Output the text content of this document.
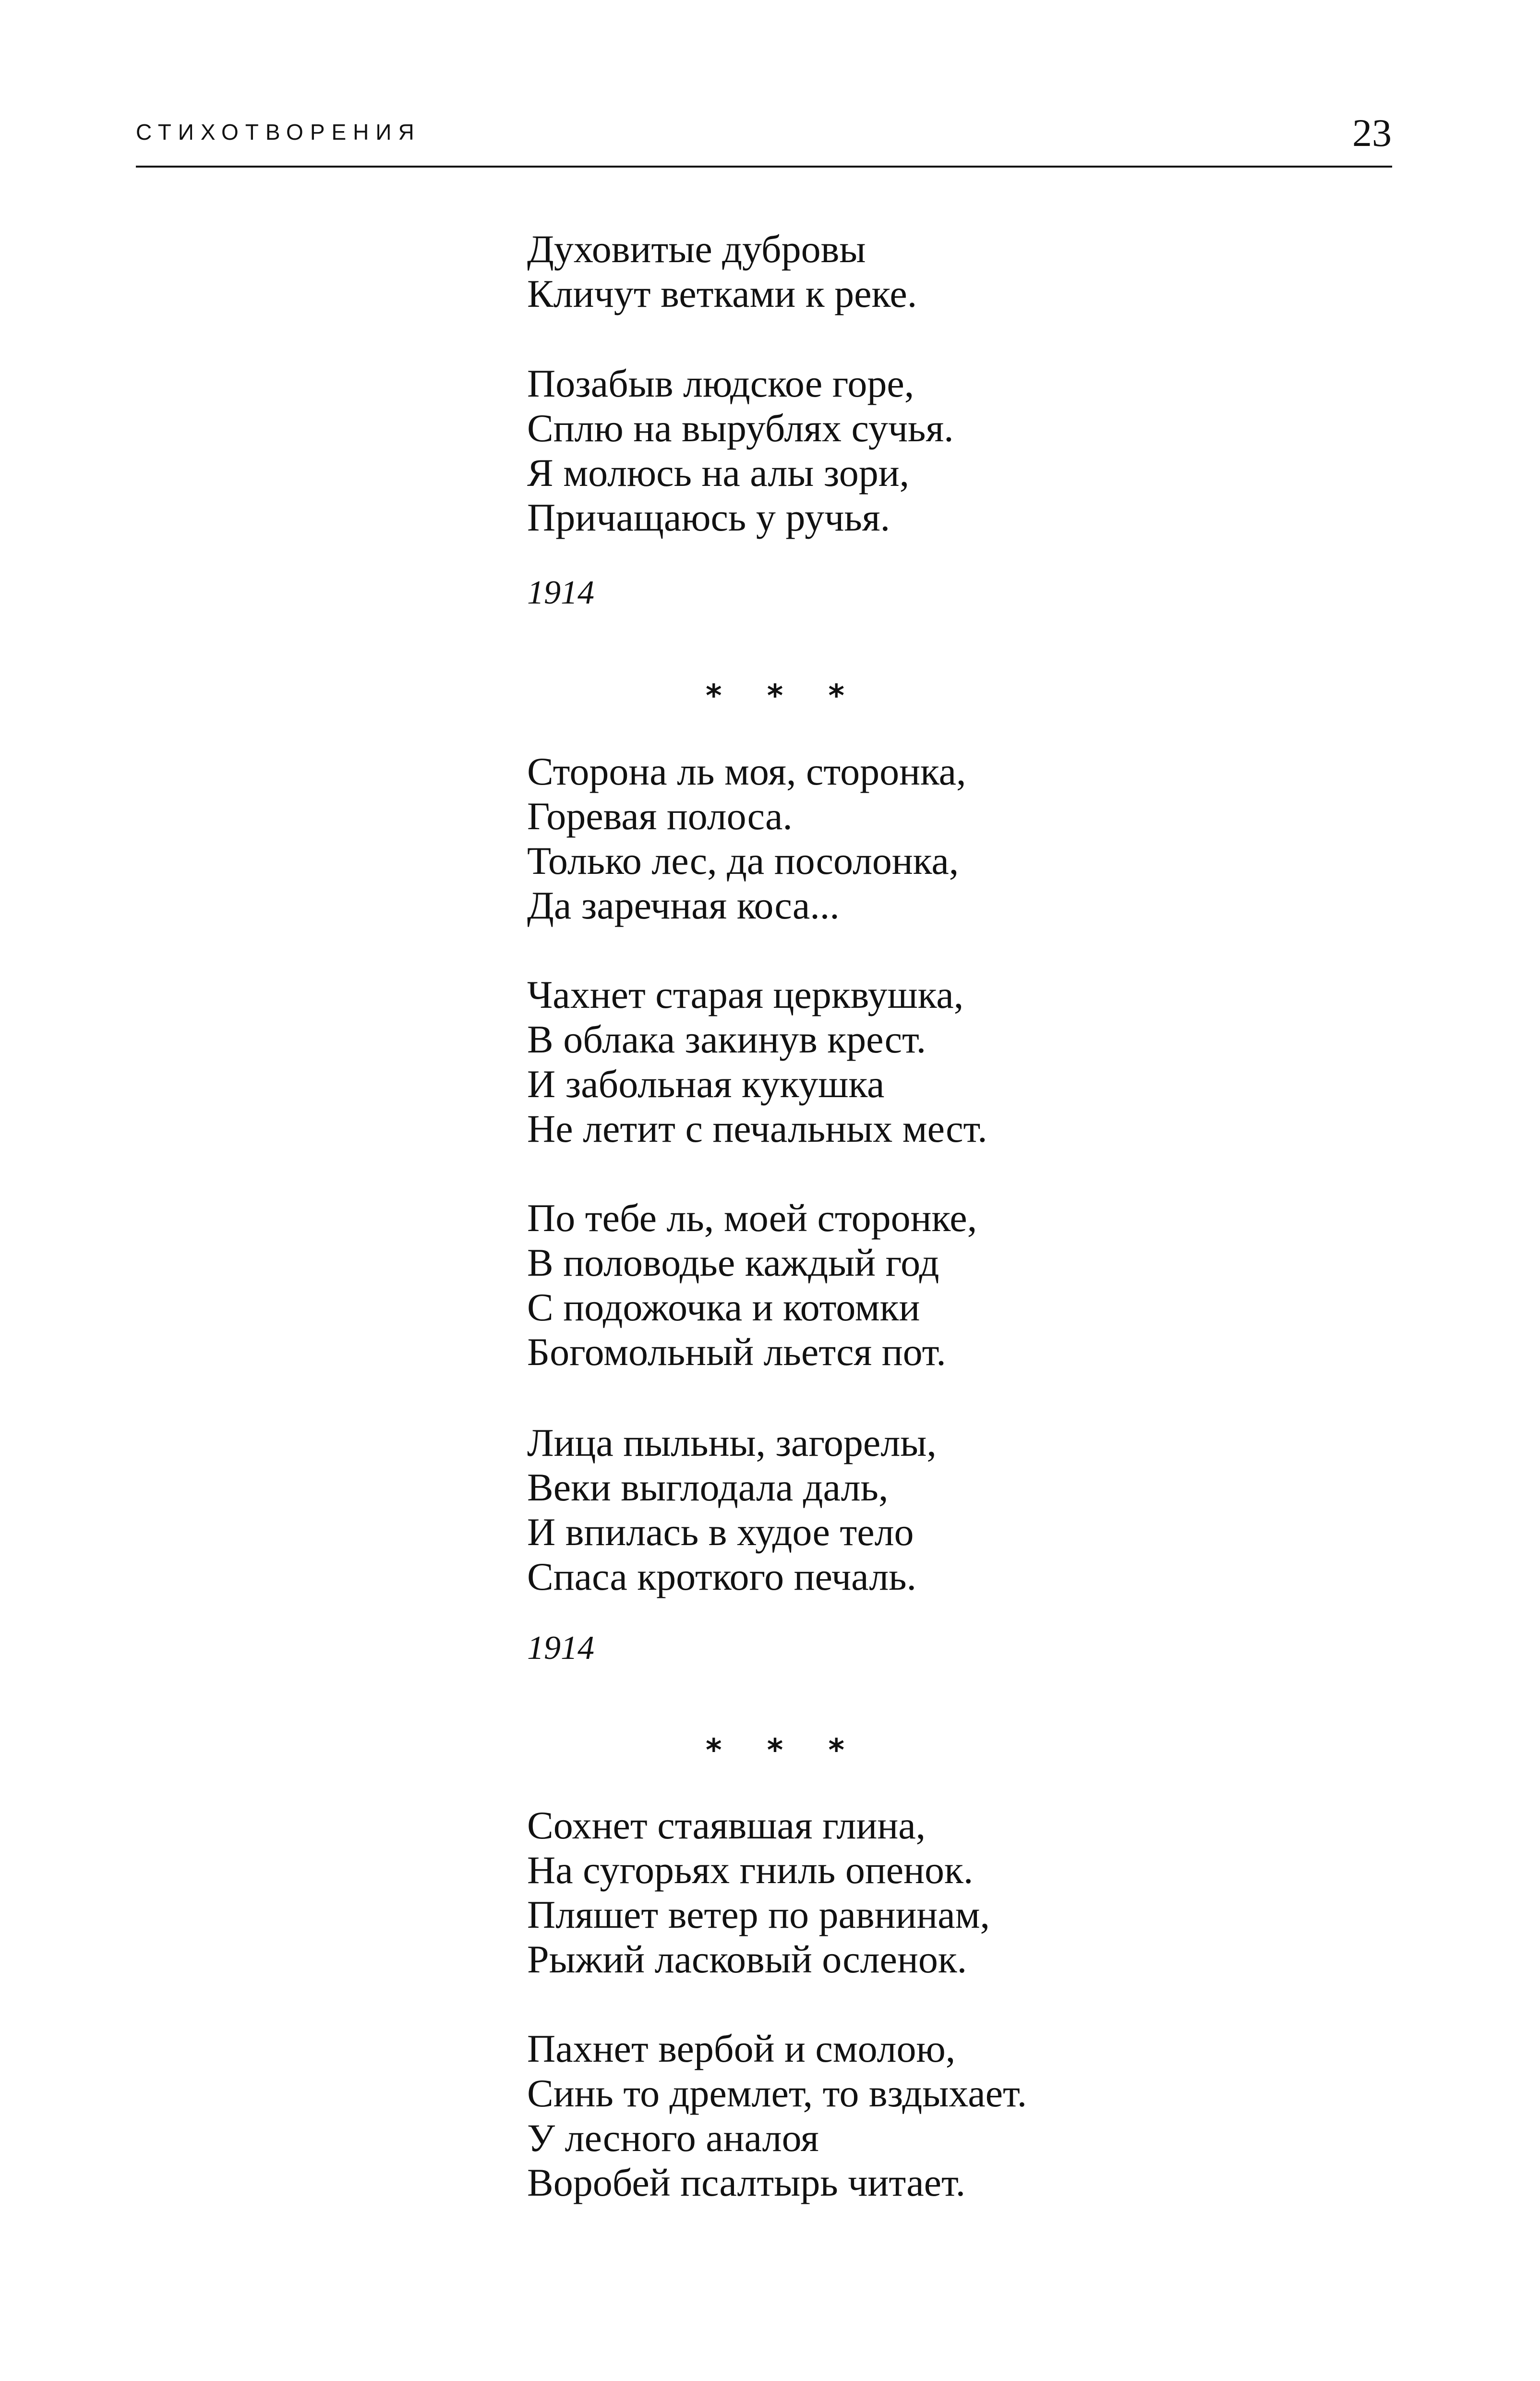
СТИХОТВОРЕНИЯ	23
Духовитые дубровы
Кличут ветками к реке.
Позабыв людское горе,
Сплю на вырублях сучья.
Я молюсь на алы зори,
Причащаюсь у ручья.
1914
* * *
Сторона ль моя, сторонка,
Горевая полоса.
Только лес, да посолонка,
Да заречная коса...
Чахнет старая церквушка,
В облака закинув крест.
И забольная кукушка
Не летит с печальных мест.
По тебе ль, моей сторонке,
В половодье каждый год
С подожочка и котомки
Богомольный льется пот.
Лица пыльны, загорелы,
Веки выглодала даль,
И впилась в худое тело
Спаса кроткого печаль.
1914
* * *
Сохнет стаявшая глина,
На сугорьях гниль опенок.
Пляшет ветер по равнинам,
Рыжий ласковый осленок.
Пахнет вербой и смолою,
Синь то дремлет, то вздыхает.
У лесного аналоя
Воробей псалтырь читает.
